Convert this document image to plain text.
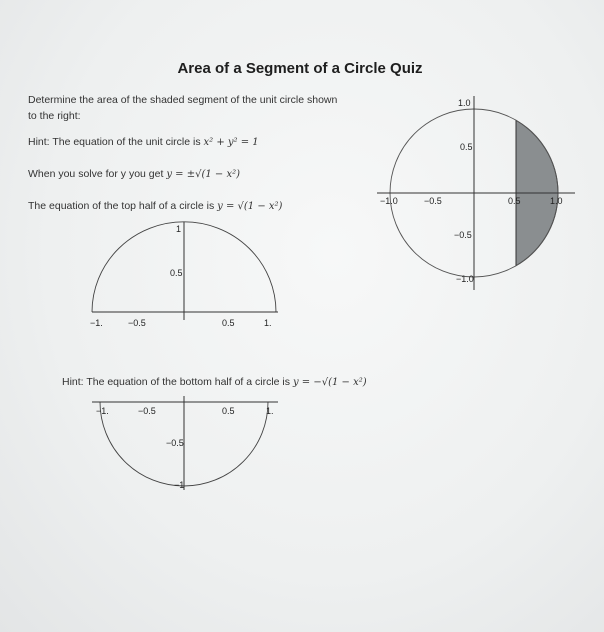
Area of a Segment of a Circle Quiz
Determine the area of the shaded segment of the unit circle shown
to the right:
Hint: The equation of the unit circle is x² + y² = 1
When you solve for y you get y = ±√(1 − x²)
The equation of the top half of a circle is y = √(1 − x²)
Hint: The equation of the bottom half of a circle is y = −√(1 − x²)
−1.0	−0.5	0.5	1.0
1.0
0.5
−0.5
−1.0
−1.	−0.5	0.5	1.
1
0.5
−1.	−0.5	0.5	1.
−0.5
−1
